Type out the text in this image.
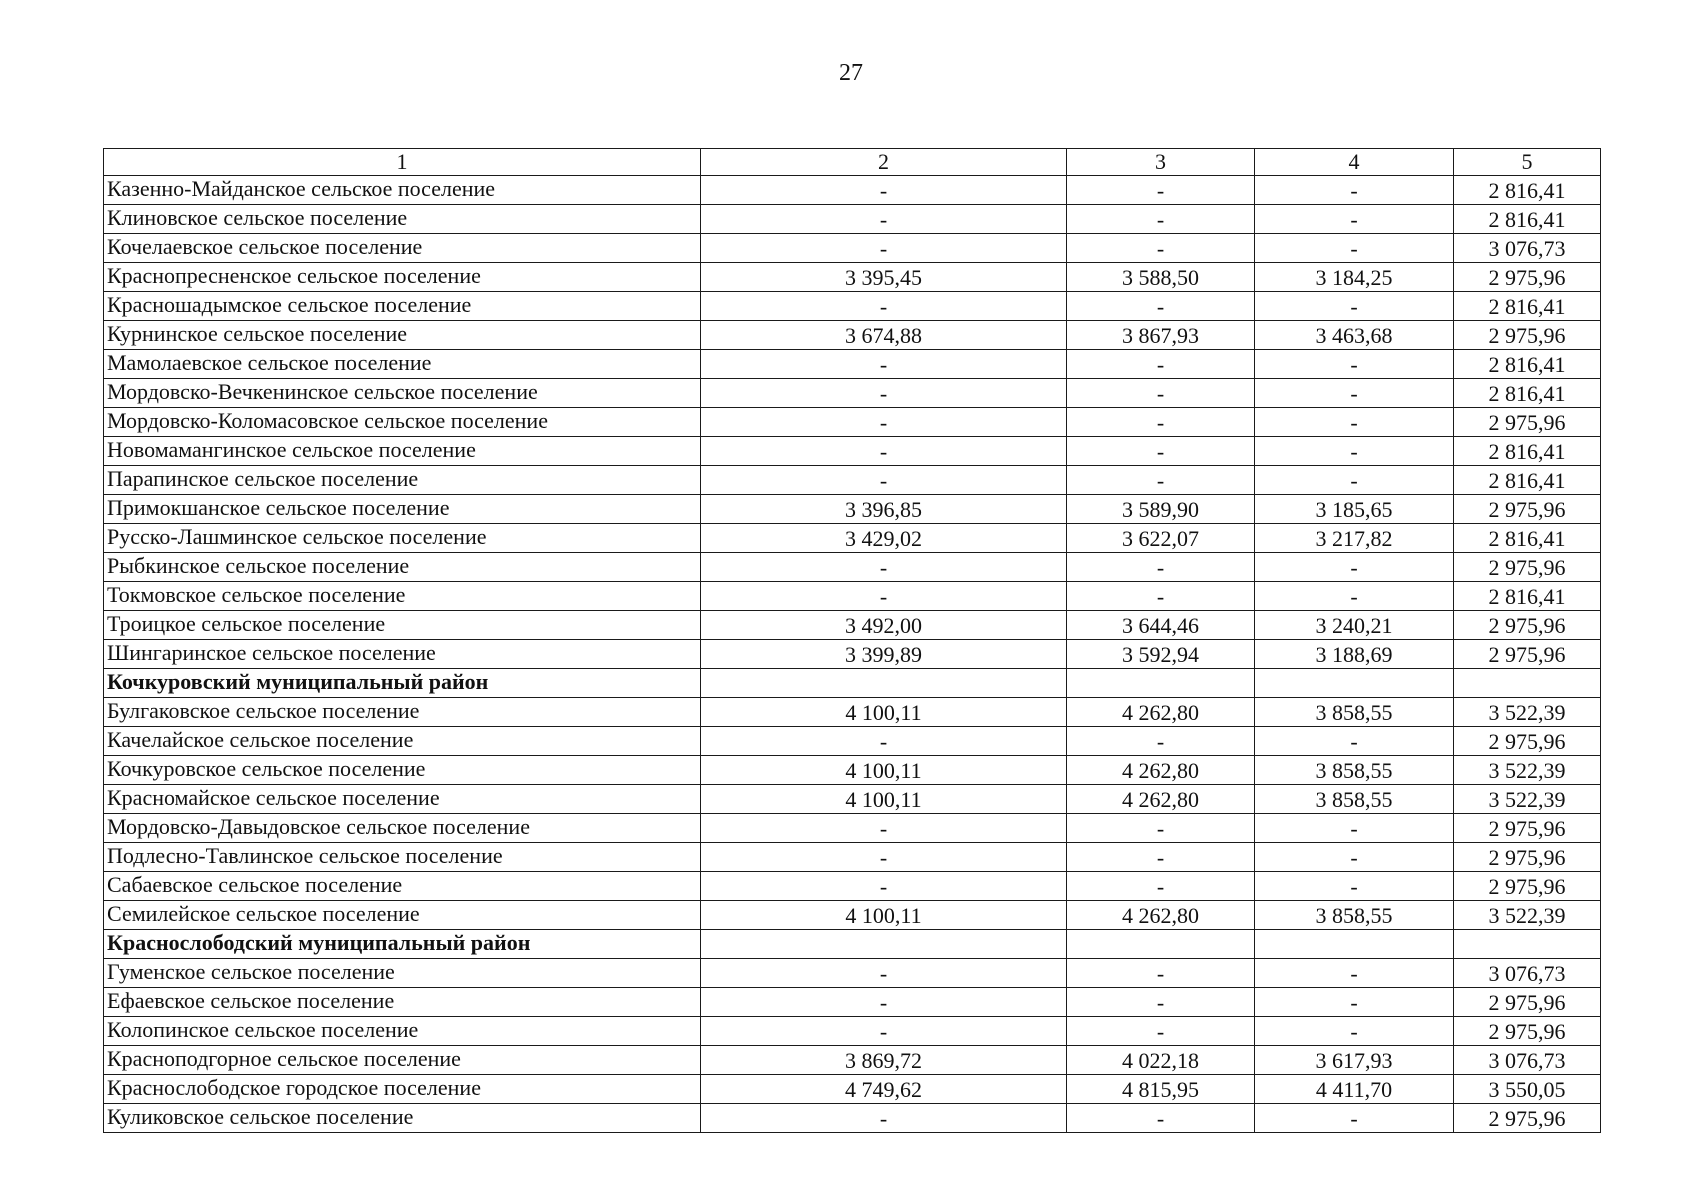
27
1	2	3	4	5
Казенно-Майданское сельское поселение	-	-	-	2 816,41
Клиновское сельское поселение	-	-	-	2 816,41
Кочелаевское сельское поселение	-	-	-	3 076,73
Краснопресненское сельское поселение	3 395,45	3 588,50	3 184,25	2 975,96
Красношадымское сельское поселение	-	-	-	2 816,41
Курнинское сельское поселение	3 674,88	3 867,93	3 463,68	2 975,96
Мамолаевское сельское поселение	-	-	-	2 816,41
Мордовско-Вечкенинское сельское поселение	-	-	-	2 816,41
Мордовско-Коломасовское сельское поселение	-	-	-	2 975,96
Новомамангинское сельское поселение	-	-	-	2 816,41
Парапинское сельское поселение	-	-	-	2 816,41
Примокшанское сельское поселение	3 396,85	3 589,90	3 185,65	2 975,96
Русско-Лашминское сельское поселение	3 429,02	3 622,07	3 217,82	2 816,41
Рыбкинское сельское поселение	-	-	-	2 975,96
Токмовское сельское поселение	-	-	-	2 816,41
Троицкое сельское поселение	3 492,00	3 644,46	3 240,21	2 975,96
Шингаринское сельское поселение	3 399,89	3 592,94	3 188,69	2 975,96
Кочкуровский муниципальный район				
Булгаковское сельское поселение	4 100,11	4 262,80	3 858,55	3 522,39
Качелайское сельское поселение	-	-	-	2 975,96
Кочкуровское сельское поселение	4 100,11	4 262,80	3 858,55	3 522,39
Красномайское сельское поселение	4 100,11	4 262,80	3 858,55	3 522,39
Мордовско-Давыдовское сельское поселение	-	-	-	2 975,96
Подлесно-Тавлинское сельское поселение	-	-	-	2 975,96
Сабаевское сельское поселение	-	-	-	2 975,96
Семилейское сельское поселение	4 100,11	4 262,80	3 858,55	3 522,39
Краснослободский муниципальный район				
Гуменское сельское поселение	-	-	-	3 076,73
Ефаевское сельское поселение	-	-	-	2 975,96
Колопинское сельское поселение	-	-	-	2 975,96
Красноподгорное сельское поселение	3 869,72	4 022,18	3 617,93	3 076,73
Краснослободское городское поселение	4 749,62	4 815,95	4 411,70	3 550,05
Куликовское сельское поселение	-	-	-	2 975,96
